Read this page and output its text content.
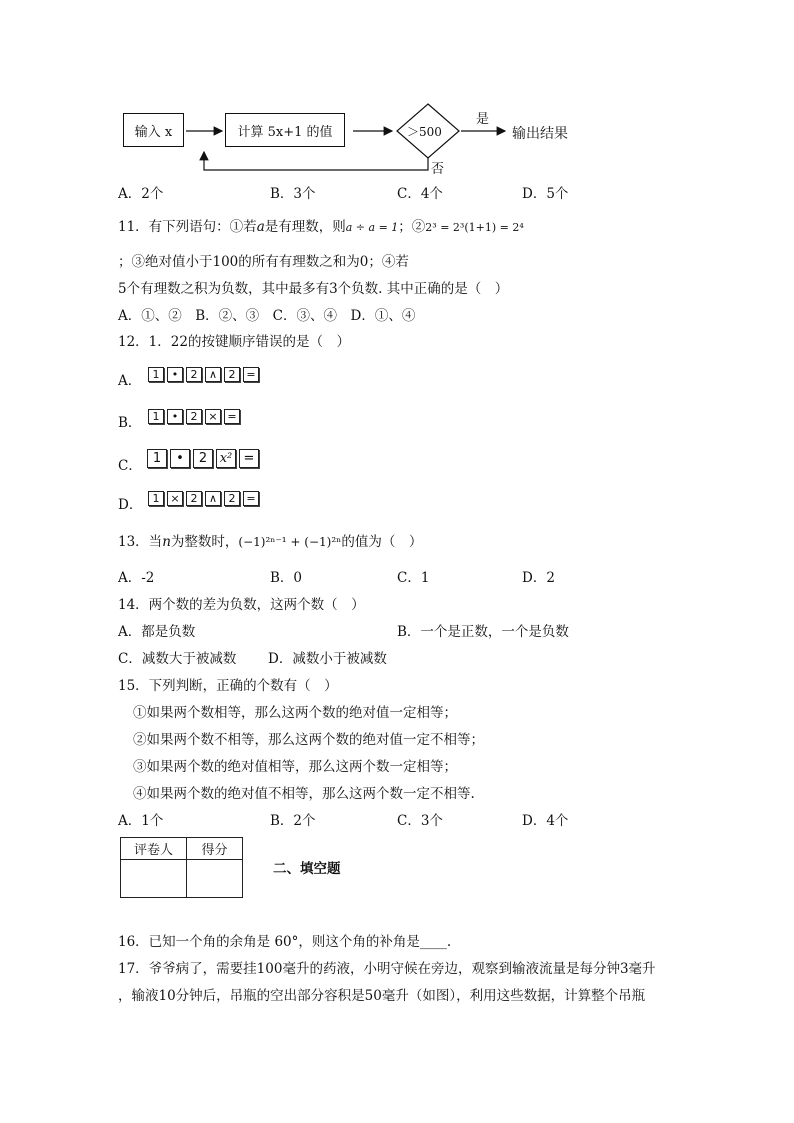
输入 x	计算 5x+1 的值	＞500
是
否
输出结果
A．2个	B．3个	C．4个	D．5个
11．有下列语句：①若a是有理数，则a ÷ a = 1；②2³ = 2³(1+1) = 2⁴
；③绝对值小于100的所有有理数之和为0；④若
5个有理数之积为负数，其中最多有3个负数. 其中正确的是（　）
A．①、②　B．②、③　C．③、④　D．①、④
12．1．22的按键顺序错误的是（　）
A．	1	•	2	∧	2 =
B．	1	•	2 × =
C． 1	•	2 x² =
D． 1 × 2	∧	2 =
13．当n为整数时，(−1)²ⁿ⁻¹ + (−1)²ⁿ的值为（　）
A．-2	B．0	C．1	D．2
14．两个数的差为负数，这两个数（　）
A．都是负数	B．一个是正数，一个是负数
C．减数大于被减数 D．减数小于被减数
15．下列判断，正确的个数有（　）
①如果两个数相等，那么这两个数的绝对值一定相等；
②如果两个数不相等，那么这两个数的绝对值一定不相等；
③如果两个数的绝对值相等，那么这两个数一定相等；
④如果两个数的绝对值不相等，那么这两个数一定不相等.
A．1个	B．2个	C．3个	D．4个
评卷人	得分

二、填空题
16．已知一个角的余角是 60°，则这个角的补角是____.
17．爷爷病了，需要挂100毫升的药液，小明守候在旁边，观察到输液流量是每分钟3毫升
，输液10分钟后，吊瓶的空出部分容积是50毫升（如图），利用这些数据，计算整个吊瓶
